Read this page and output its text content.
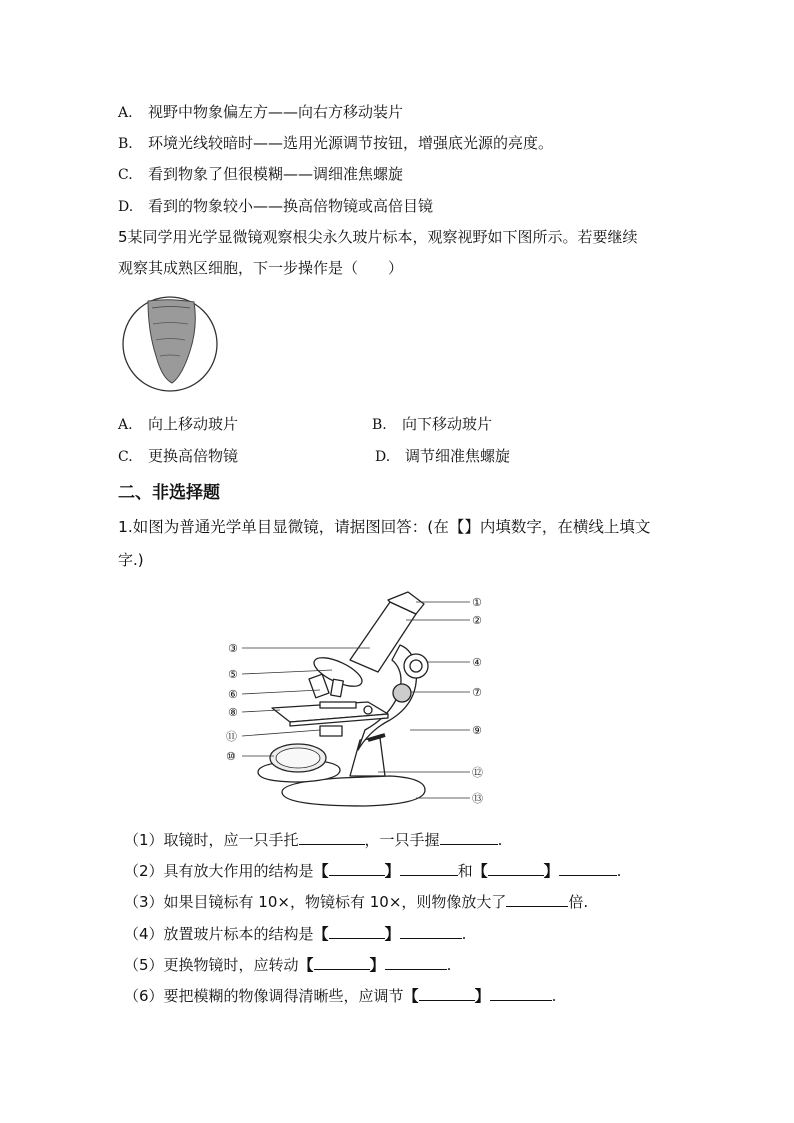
A. 视野中物象偏左方——向右方移动装片
B. 环境光线较暗时——选用光源调节按钮，增强底光源的亮度。
C. 看到物象了但很模糊——调细准焦螺旋
D. 看到的物象较小——换高倍物镜或高倍目镜
5某同学用光学显微镜观察根尖永久玻片标本，观察视野如下图所示。若要继续
观察其成熟区细胞，下一步操作是（　　）
A. 向上移动玻片	B. 向下移动玻片
C. 更换高倍物镜	D. 调节细准焦螺旋
二、非选择题
1.如图为普通光学单目显微镜，请据图回答：(在【】内填数字，在横线上填文
字.)
①
②
③
④
⑤
⑥	⑦
⑧
⑨
⑩
⑪
⑫
⑬
（1）取镜时，应一只手托	，一只手握	.
（2）具有放大作用的结构是【	】	和【	】	.
（3）如果目镜标有 10×，物镜标有 10×，则物像放大了	倍.
（4）放置玻片标本的结构是【	】	.
（5）更换物镜时，应转动【	】	.
（6）要把模糊的物像调得清晰些，应调节【	】	.
